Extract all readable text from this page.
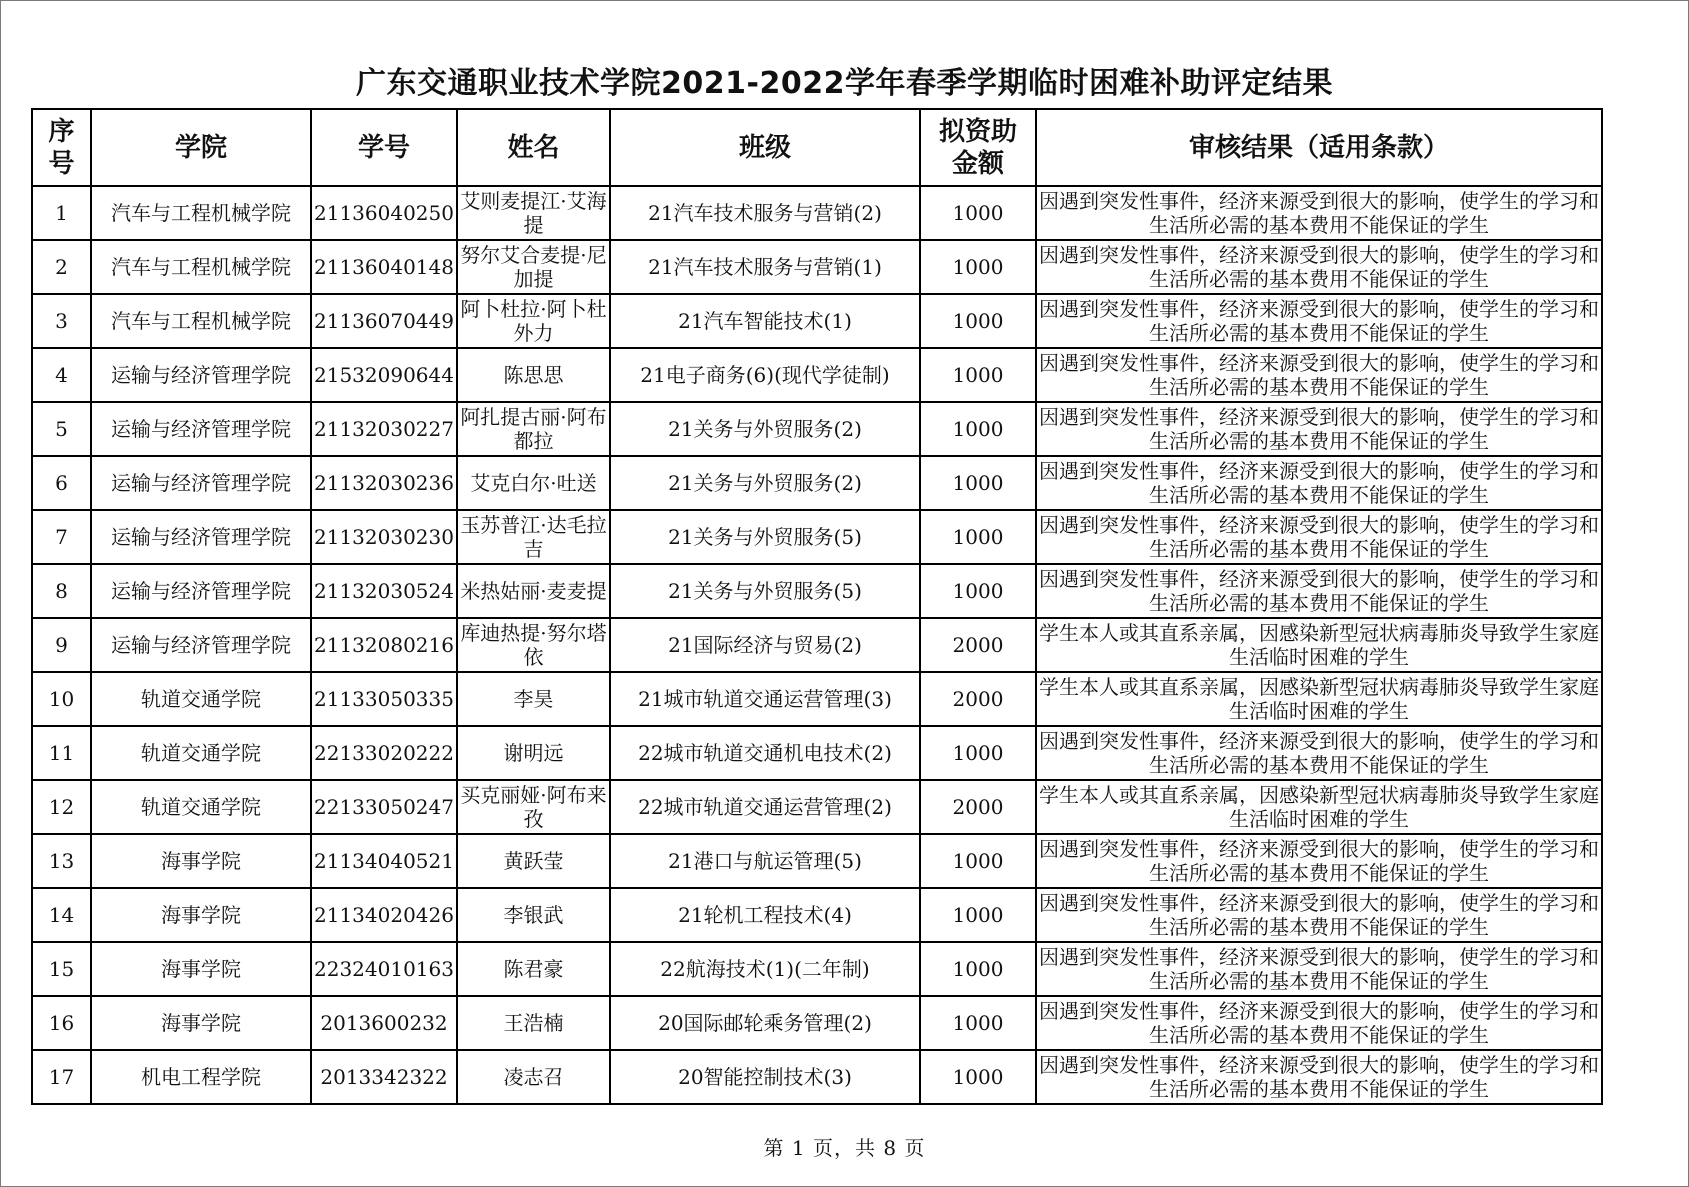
广东交通职业技术学院2021-2022学年春季学期临时困难补助评定结果
序号	学院	学号	姓名	班级	拟资助金额	审核结果（适用条款）
1	汽车与工程机械学院	21136040250	艾则麦提江·艾海提	21汽车技术服务与营销(2)	1000	因遇到突发性事件，经济来源受到很大的影响，使学生的学习和生活所必需的基本费用不能保证的学生
2	汽车与工程机械学院	21136040148	努尔艾合麦提·尼加提	21汽车技术服务与营销(1)	1000	因遇到突发性事件，经济来源受到很大的影响，使学生的学习和生活所必需的基本费用不能保证的学生
3	汽车与工程机械学院	21136070449	阿卜杜拉·阿卜杜外力	21汽车智能技术(1)	1000	因遇到突发性事件，经济来源受到很大的影响，使学生的学习和生活所必需的基本费用不能保证的学生
4	运输与经济管理学院	21532090644	陈思思	21电子商务(6)(现代学徒制)	1000	因遇到突发性事件，经济来源受到很大的影响，使学生的学习和生活所必需的基本费用不能保证的学生
5	运输与经济管理学院	21132030227	阿扎提古丽·阿布都拉	21关务与外贸服务(2)	1000	因遇到突发性事件，经济来源受到很大的影响，使学生的学习和生活所必需的基本费用不能保证的学生
6	运输与经济管理学院	21132030236	艾克白尔·吐送	21关务与外贸服务(2)	1000	因遇到突发性事件，经济来源受到很大的影响，使学生的学习和生活所必需的基本费用不能保证的学生
7	运输与经济管理学院	21132030230	玉苏普江·达毛拉吉	21关务与外贸服务(5)	1000	因遇到突发性事件，经济来源受到很大的影响，使学生的学习和生活所必需的基本费用不能保证的学生
8	运输与经济管理学院	21132030524	米热姑丽·麦麦提	21关务与外贸服务(5)	1000	因遇到突发性事件，经济来源受到很大的影响，使学生的学习和生活所必需的基本费用不能保证的学生
9	运输与经济管理学院	21132080216	库迪热提·努尔塔依	21国际经济与贸易(2)	2000	学生本人或其直系亲属，因感染新型冠状病毒肺炎导致学生家庭生活临时困难的学生
10	轨道交通学院	21133050335	李昊	21城市轨道交通运营管理(3)	2000	学生本人或其直系亲属，因感染新型冠状病毒肺炎导致学生家庭生活临时困难的学生
11	轨道交通学院	22133020222	谢明远	22城市轨道交通机电技术(2)	1000	因遇到突发性事件，经济来源受到很大的影响，使学生的学习和生活所必需的基本费用不能保证的学生
12	轨道交通学院	22133050247	买克丽娅·阿布来孜	22城市轨道交通运营管理(2)	2000	学生本人或其直系亲属，因感染新型冠状病毒肺炎导致学生家庭生活临时困难的学生
13	海事学院	21134040521	黄跃莹	21港口与航运管理(5)	1000	因遇到突发性事件，经济来源受到很大的影响，使学生的学习和生活所必需的基本费用不能保证的学生
14	海事学院	21134020426	李银武	21轮机工程技术(4)	1000	因遇到突发性事件，经济来源受到很大的影响，使学生的学习和生活所必需的基本费用不能保证的学生
15	海事学院	22324010163	陈君豪	22航海技术(1)(二年制)	1000	因遇到突发性事件，经济来源受到很大的影响，使学生的学习和生活所必需的基本费用不能保证的学生
16	海事学院	2013600232	王浩楠	20国际邮轮乘务管理(2)	1000	因遇到突发性事件，经济来源受到很大的影响，使学生的学习和生活所必需的基本费用不能保证的学生
17	机电工程学院	2013342322	凌志召	20智能控制技术(3)	1000	因遇到突发性事件，经济来源受到很大的影响，使学生的学习和生活所必需的基本费用不能保证的学生
第 1 页，共 8 页
